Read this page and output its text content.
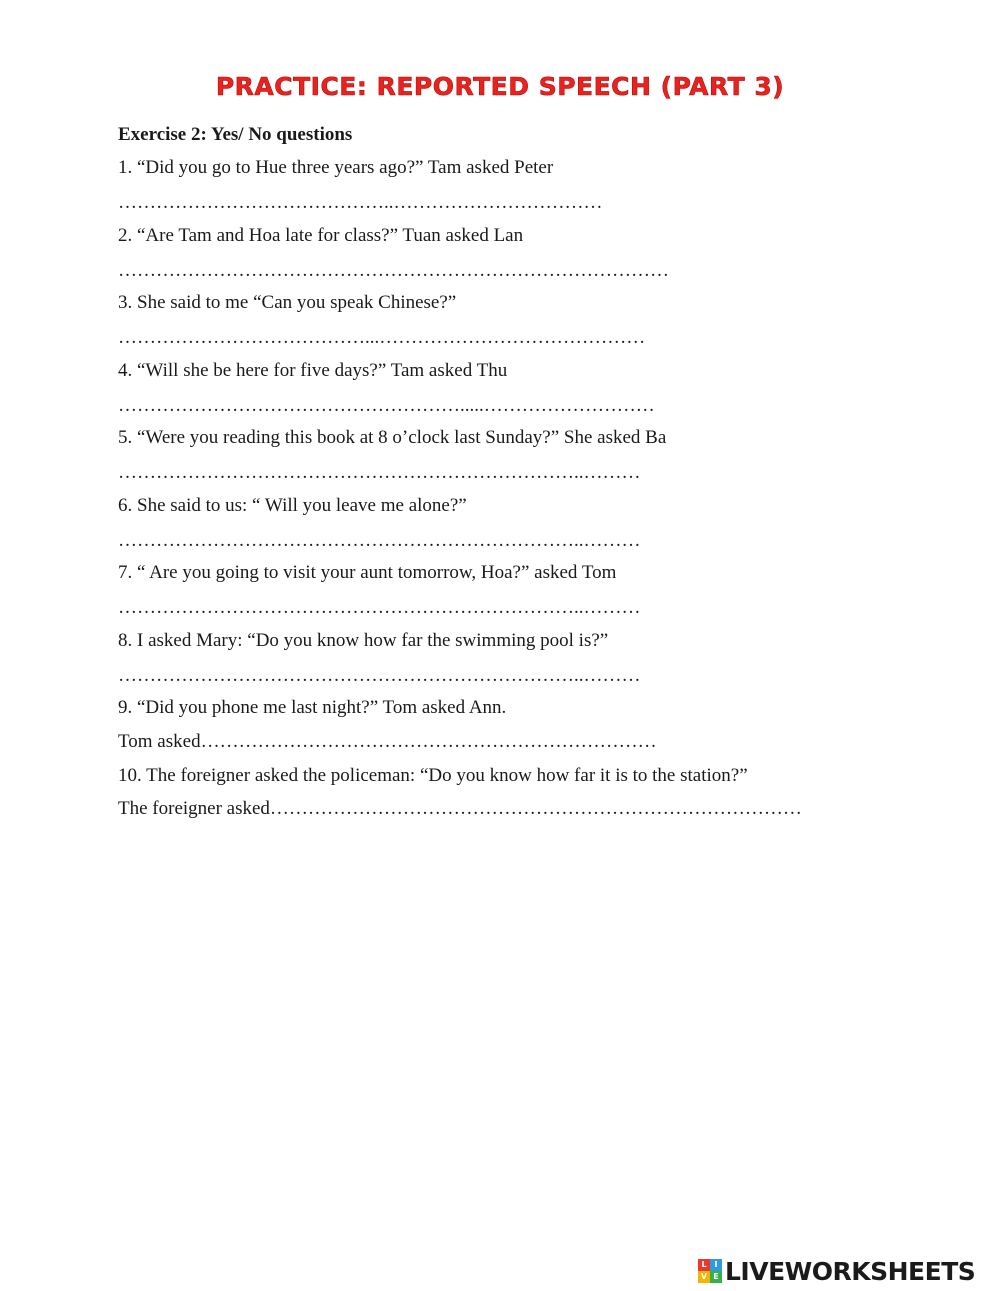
PRACTICE: REPORTED SPEECH (PART 3)
Exercise 2: Yes/ No questions
1. “Did you go to Hue three years ago?” Tam asked Peter
……………………………………..……………………………
2. “Are Tam and Hoa late for class?” Tuan asked Lan
……………………………………………………………………………
3. She said to me “Can you speak Chinese?”
…………………………………...……………………………………
4. “Will she be here for five days?” Tam asked Thu
……………………………………………….....………………………
5. “Were you reading this book at 8 o’clock last Sunday?” She asked Ba
………………………………………………………………..………
6. She said to us: “ Will you leave me alone?”
………………………………………………………………..………
7. “ Are you going to visit your aunt tomorrow, Hoa?” asked Tom
………………………………………………………………..………
8. I asked Mary: “Do you know how far the swimming pool is?”
………………………………………………………………..………
9. “Did you phone me last night?” Tom asked Ann.
Tom asked………………………………………………………………
10. The foreigner asked the policeman: “Do you know how far it is to the station?”
The foreigner asked…………………………………………………………………………
L I
V E LIVEWORKSHEETS
